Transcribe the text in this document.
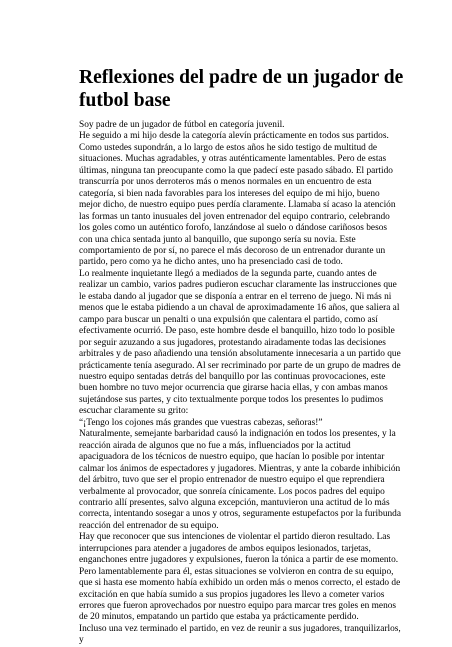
Reflexiones del padre de un jugador de futbol base

Soy padre de un jugador de fútbol en categoría juvenil.

He seguido a mi hijo desde la categoría alevín prácticamente en todos sus partidos. Como ustedes supondrán, a lo largo de estos años he sido testigo de multitud de situaciones. Muchas agradables, y otras auténticamente lamentables. Pero de estas últimas, ninguna tan preocupante como la que padecí este pasado sábado. El partido transcurría por unos derroteros más o menos normales en un encuentro de esta categoría, si bien nada favorables para los intereses del equipo de mi hijo, bueno mejor dicho, de nuestro equipo pues perdía claramente. Llamaba sí acaso la atención las formas un tanto inusuales del joven entrenador del equipo contrario, celebrando los goles como un auténtico forofo, lanzándose al suelo o dándose cariñosos besos con una chica sentada junto al banquillo, que supongo sería su novia. Este comportamiento de por sí, no parece el más decoroso de un entrenador durante un partido, pero como ya he dicho antes, uno ha presenciado casi de todo.

Lo realmente inquietante llegó a mediados de la segunda parte, cuando antes de realizar un cambio, varios padres pudieron escuchar claramente las instrucciones que le estaba dando al jugador que se disponía a entrar en el terreno de juego. Ni más ni menos que le estaba pidiendo a un chaval de aproximadamente 16 años, que saliera al campo para buscar un penalti o una expulsión que calentara el partido, como así efectivamente ocurrió. De paso, este hombre desde el banquillo, hizo todo lo posible por seguir azuzando a sus jugadores, protestando airadamente todas las decisiones arbitrales y de paso añadiendo una tensión absolutamente innecesaria a un partido que prácticamente tenía asegurado. Al ser recriminado por parte de un grupo de madres de nuestro equipo sentadas detrás del banquillo por las continuas provocaciones, este buen hombre no tuvo mejor ocurrencia que girarse hacia ellas, y con ambas manos sujetándose sus partes, y cito textualmente porque todos los presentes lo pudimos escuchar claramente su grito:

“¡Tengo los cojones más grandes que vuestras cabezas, señoras!”

Naturalmente, semejante barbaridad causó la indignación en todos los presentes, y la reacción airada de algunos que no fue a más, influenciados por la actitud apaciguadora de los técnicos de nuestro equipo, que hacían lo posible por intentar calmar los ánimos de espectadores y jugadores. Mientras, y ante la cobarde inhibición del árbitro, tuvo que ser el propio entrenador de nuestro equipo el que reprendiera verbalmente al provocador, que sonreía cínicamente. Los pocos padres del equipo contrario allí presentes, salvo alguna excepción, mantuvieron una actitud de lo más correcta, intentando sosegar a unos y otros, seguramente estupefactos por la furibunda reacción del entrenador de su equipo.

Hay que reconocer que sus intenciones de violentar el partido dieron resultado. Las interrupciones para atender a jugadores de ambos equipos lesionados, tarjetas, enganchones entre jugadores y expulsiones, fueron la tónica a partir de ese momento. Pero lamentablemente para él, estas situaciones se volvieron en contra de su equipo, que si hasta ese momento había exhibido un orden más o menos correcto, el estado de excitación en que había sumido a sus propios jugadores les llevo a cometer varios errores que fueron aprovechados por nuestro equipo para marcar tres goles en menos de 20 minutos, empatando un partido que estaba ya prácticamente perdido.

Incluso una vez terminado el partido, en vez de reunir a sus jugadores, tranquilizarlos, y
